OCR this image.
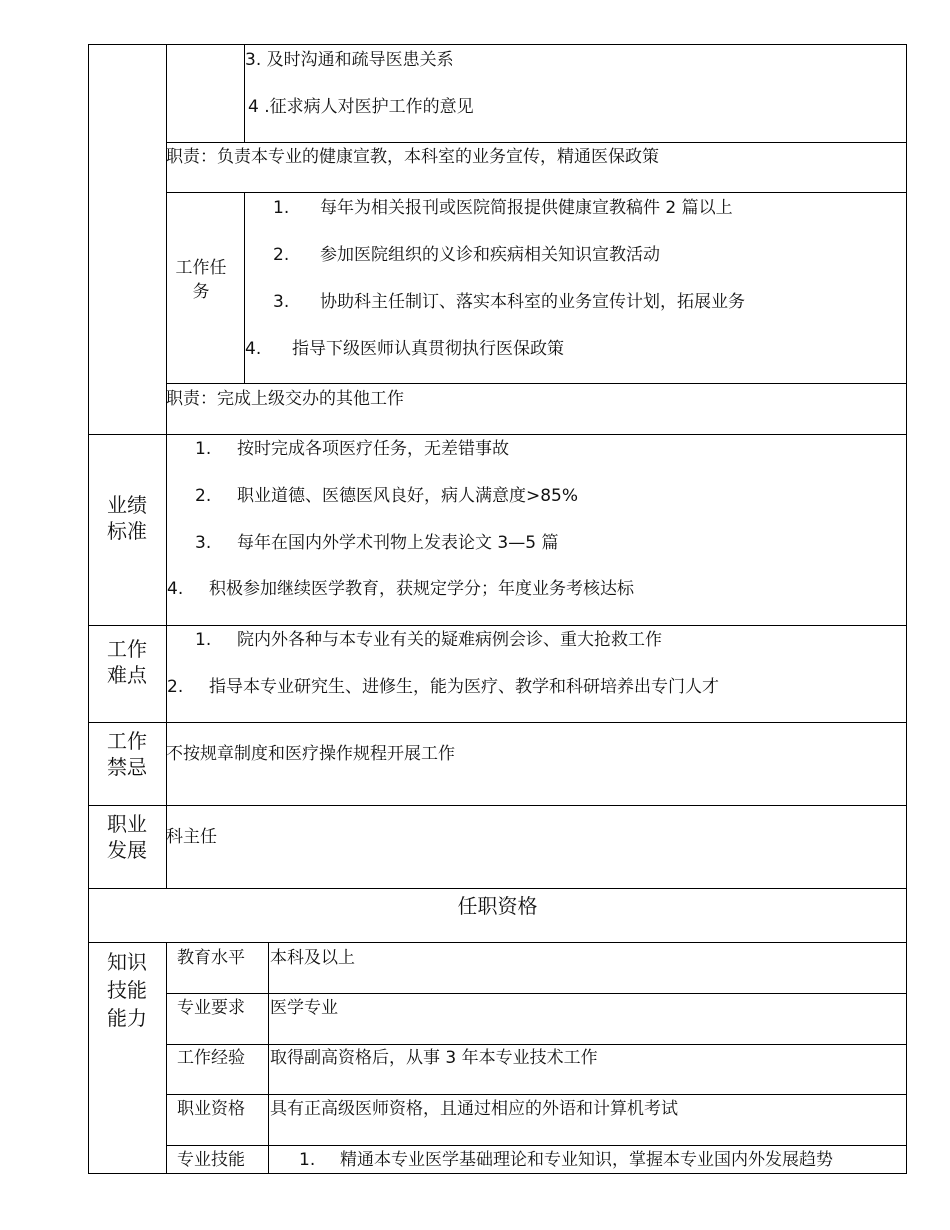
3. 及时沟通和疏导医患关系
4 .征求病人对医护工作的意见
职责：负责本专业的健康宣教，本科室的业务宣传，精通医保政策
工作任务
1. 每年为相关报刊或医院简报提供健康宣教稿件 2 篇以上
2. 参加医院组织的义诊和疾病相关知识宣教活动
3. 协助科主任制订、落实本科室的业务宣传计划，拓展业务
4. 指导下级医师认真贯彻执行医保政策
职责：完成上级交办的其他工作
业绩标准
1. 按时完成各项医疗任务，无差错事故
2. 职业道德、医德医风良好，病人满意度>85%
3. 每年在国内外学术刊物上发表论文 3—5 篇
4. 积极参加继续医学教育，获规定学分；年度业务考核达标
工作难点
1. 院内外各种与本专业有关的疑难病例会诊、重大抢救工作
2. 指导本专业研究生、进修生，能为医疗、教学和科研培养出专门人才
工作禁忌
不按规章制度和医疗操作规程开展工作
职业发展
科主任
任职资格
知识技能能力
教育水平 本科及以上
专业要求 医学专业
工作经验 取得副高资格后，从事 3 年本专业技术工作
职业资格 具有正高级医师资格，且通过相应的外语和计算机考试
专业技能	1. 精通本专业医学基础理论和专业知识，掌握本专业国内外发展趋势
